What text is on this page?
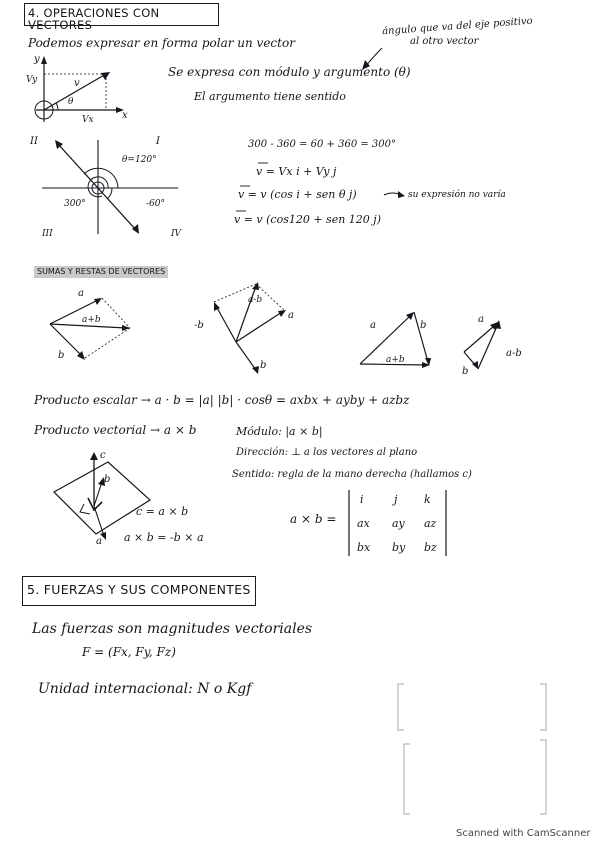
4. OPERACIONES CON VECTORES
Podemos expresar en forma polar un vector
ángulo que va del eje positivo
al otro vector
Se expresa con módulo y argumento (θ)
El argumento tiene sentido
y
x
Vy
Vx
v
θ
II	I
III	IV
θ=120°
300°	-60°
300 - 360 = 60 + 360 = 300°
v = Vx i + Vy j
v = v (cos i + sen θ j)	su expresión no varía
v = v (cos120 + sen 120 j)
SUMAS Y RESTAS DE VECTORES
a
b
a+b
a-b
a
-b
b
a	b
a+b
a
b
a-b
Producto escalar → a · b = |a| |b| · cosθ = axbx + ayby + azbz
Producto vectorial → a × b	Módulo: |a × b|
Dirección: ⊥ a los vectores al plano
Sentido: regla de la mano derecha (hallamos c)
c
b
a
c = a × b
a × b = -b × a
a × b =
i	j k
ax ay az
bx by bz
5. FUERZAS Y SUS COMPONENTES
Las fuerzas son magnitudes vectoriales
F = (Fx, Fy, Fz)
Unidad internacional: N o Kgf
Scanned with CamScanner
